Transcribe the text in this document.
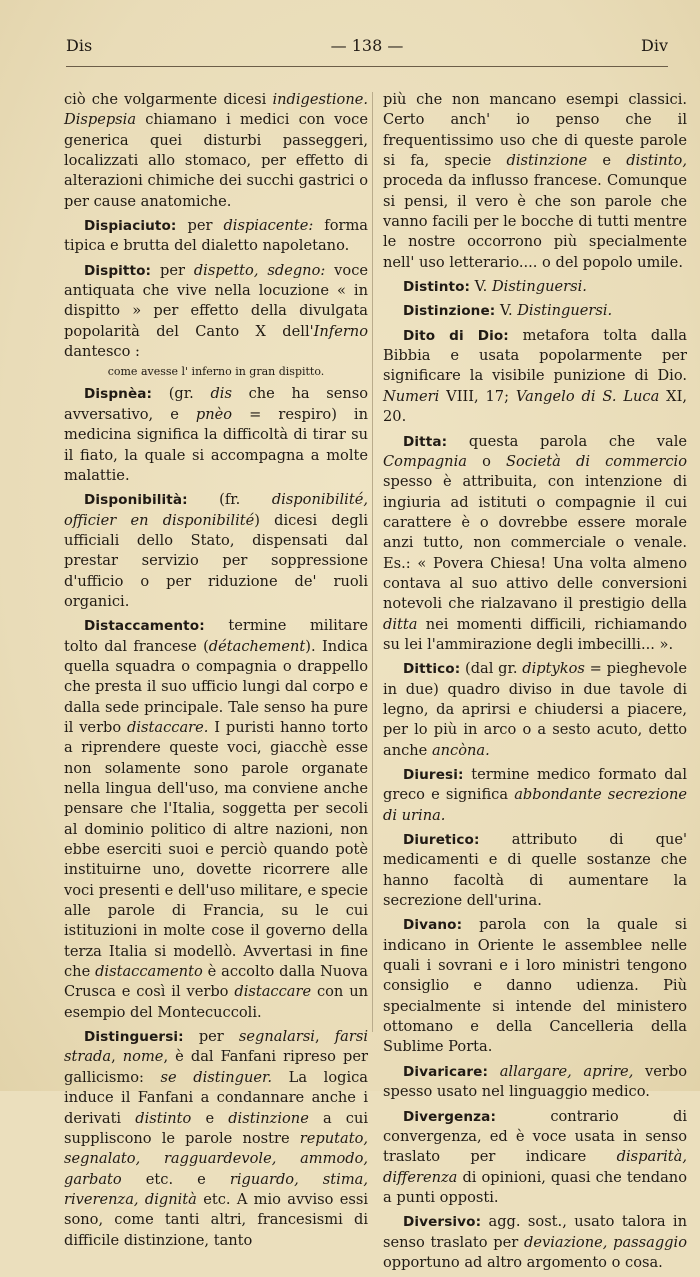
Dis	— 138 —	Div

ciò che volgarmente dicesi indigestione. Dispepsia chiamano i medici con voce generica quei disturbi passeggeri, localizzati allo stomaco, per effetto di alterazioni chimiche dei succhi gastrici o per cause anatomiche.

Dispiaciuto: per dispiacente: forma tipica e brutta del dialetto napoletano.

Dispitto: per dispetto, sdegno: voce antiquata che vive nella locuzione « in dispitto » per effetto della divulgata popolarità del Canto X dell'Inferno dantesco :

come avesse l' inferno in gran dispitto.

Dispnèa: (gr. dis che ha senso avversativo, e pnèo = respiro) in medicina significa la difficoltà di tirar su il fiato, la quale si accompagna a molte malattie.

Disponibilità: (fr. disponibilité, officier en disponibilité) dicesi degli ufficiali dello Stato, dispensati dal prestar servizio per soppressione d'ufficio o per riduzione de' ruoli organici.

Distaccamento: termine militare tolto dal francese (détachement). Indica quella squadra o compagnia o drappello che presta il suo ufficio lungi dal corpo e dalla sede principale. Tale senso ha pure il verbo distaccare. I puristi hanno torto a riprendere queste voci, giacchè esse non solamente sono parole organate nella lingua dell'uso, ma conviene anche pensare che l'Italia, soggetta per secoli al dominio politico di altre nazioni, non ebbe eserciti suoi e perciò quando potè instituirne uno, dovette ricorrere alle voci presenti e dell'uso militare, e specie alle parole di Francia, su le cui istituzioni in molte cose il governo della terza Italia si modellò. Avvertasi in fine che distaccamento è accolto dalla Nuova Crusca e così il verbo distaccare con un esempio del Montecuccoli.

Distinguersi: per segnalarsi, farsi strada, nome, è dal Fanfani ripreso per gallicismo: se distinguer. La logica induce il Fanfani a condannare anche i derivati distinto e distinzione a cui suppliscono le parole nostre reputato, segnalato, ragguardevole, ammodo, garbato etc. e riguardo, stima, riverenza, dignità etc. A mio avviso essi sono, come tanti altri, francesismi di difficile distinzione, tanto

più che non mancano esempi classici. Certo anch' io penso che il frequentissimo uso che di queste parole si fa, specie distinzione e distinto, proceda da influsso francese. Comunque si pensi, il vero è che son parole che vanno facili per le bocche di tutti mentre le nostre occorrono più specialmente nell' uso letterario.... o del popolo umile.

Distinto: V. Distinguersi.

Distinzione: V. Distinguersi.

Dito di Dio: metafora tolta dalla Bibbia e usata popolarmente per significare la visibile punizione di Dio. Numeri VIII, 17; Vangelo di S. Luca XI, 20.

Ditta: questa parola che vale Compagnia o Società di commercio spesso è attribuita, con intenzione di ingiuria ad istituti o compagnie il cui carattere è o dovrebbe essere morale anzi tutto, non commerciale o venale. Es.: « Povera Chiesa! Una volta almeno contava al suo attivo delle conversioni notevoli che rialzavano il prestigio della ditta nei momenti difficili, richiamando su lei l'ammirazione degli imbecilli... ».

Dittico: (dal gr. diptykos = pieghevole in due) quadro diviso in due tavole di legno, da aprirsi e chiudersi a piacere, per lo più in arco o a sesto acuto, detto anche ancòna.

Diuresi: termine medico formato dal greco e significa abbondante secrezione di urina.

Diuretico: attributo di que' medicamenti e di quelle sostanze che hanno facoltà di aumentare la secrezione dell'urina.

Divano: parola con la quale si indicano in Oriente le assemblee nelle quali i sovrani e i loro ministri tengono consiglio e danno udienza. Più specialmente si intende del ministero ottomano e della Cancelleria della Sublime Porta.

Divaricare: allargare, aprire, verbo spesso usato nel linguaggio medico.

Divergenza: contrario di convergenza, ed è voce usata in senso traslato per indicare disparità, differenza di opinioni, quasi che tendano a punti opposti.

Diversivo: agg. sost., usato talora in senso traslato per deviazione, passaggio opportuno ad altro argomento o cosa.
